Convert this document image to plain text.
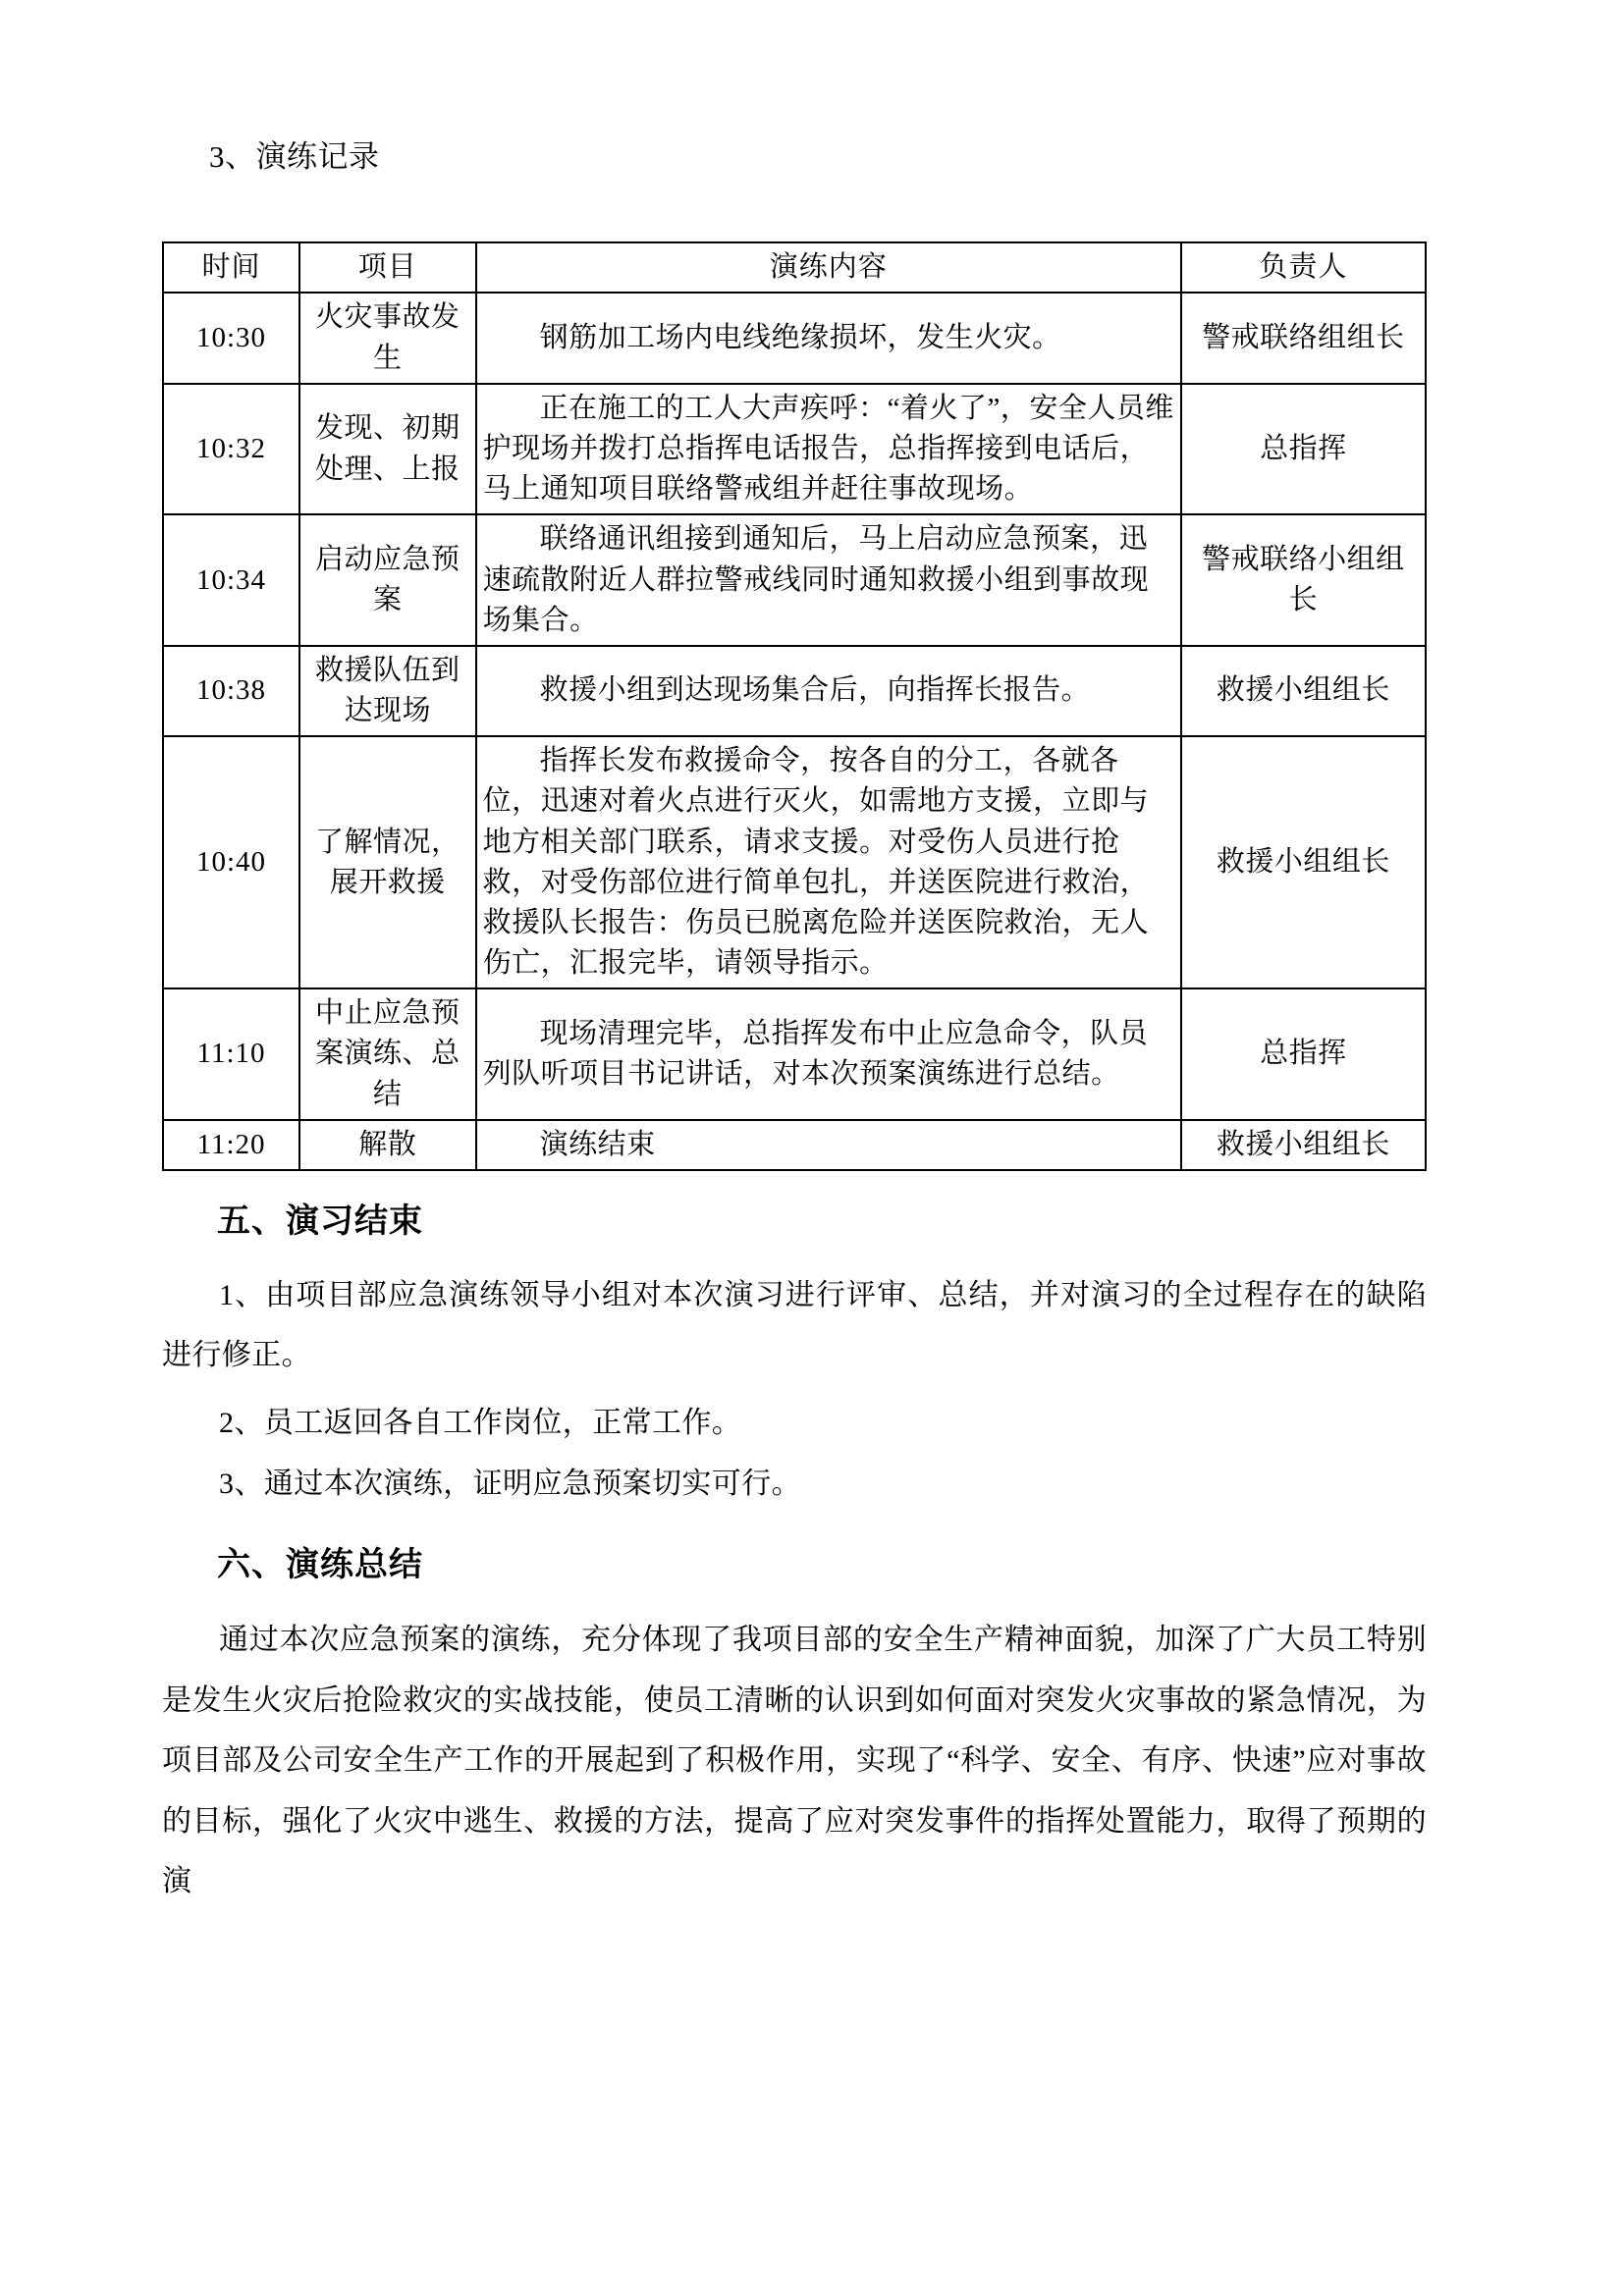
3、演练记录

时间	项目	演练内容	负责人
10:30	火灾事故发生	钢筋加工场内电线绝缘损坏，发生火灾。	警戒联络组组长
10:32	发现、初期处理、上报	正在施工的工人大声疾呼：“着火了”，安全人员维护现场并拨打总指挥电话报告，总指挥接到电话后，马上通知项目联络警戒组并赶往事故现场。	总指挥
10:34	启动应急预案	联络通讯组接到通知后，马上启动应急预案，迅速疏散附近人群拉警戒线同时通知救援小组到事故现场集合。	警戒联络小组组长
10:38	救援队伍到达现场	救援小组到达现场集合后，向指挥长报告。	救援小组组长
10:40	了解情况，展开救援	指挥长发布救援命令，按各自的分工，各就各位，迅速对着火点进行灭火，如需地方支援，立即与地方相关部门联系，请求支援。对受伤人员进行抢救，对受伤部位进行简单包扎，并送医院进行救治，救援队长报告：伤员已脱离危险并送医院救治，无人伤亡，汇报完毕，请领导指示。	救援小组组长
11:10	中止应急预案演练、总结	现场清理完毕，总指挥发布中止应急命令，队员列队听项目书记讲话，对本次预案演练进行总结。	总指挥
11:20	解散	演练结束	救援小组组长
五、演习结束

1、由项目部应急演练领导小组对本次演习进行评审、总结，并对演习的全过程存在的缺陷进行修正。

2、员工返回各自工作岗位，正常工作。

3、通过本次演练，证明应急预案切实可行。

六、演练总结

通过本次应急预案的演练，充分体现了我项目部的安全生产精神面貌，加深了广大员工特别是发生火灾后抢险救灾的实战技能，使员工清晰的认识到如何面对突发火灾事故的紧急情况，为项目部及公司安全生产工作的开展起到了积极作用，实现了“科学、安全、有序、快速”应对事故的目标，强化了火灾中逃生、救援的方法，提高了应对突发事件的指挥处置能力，取得了预期的演
